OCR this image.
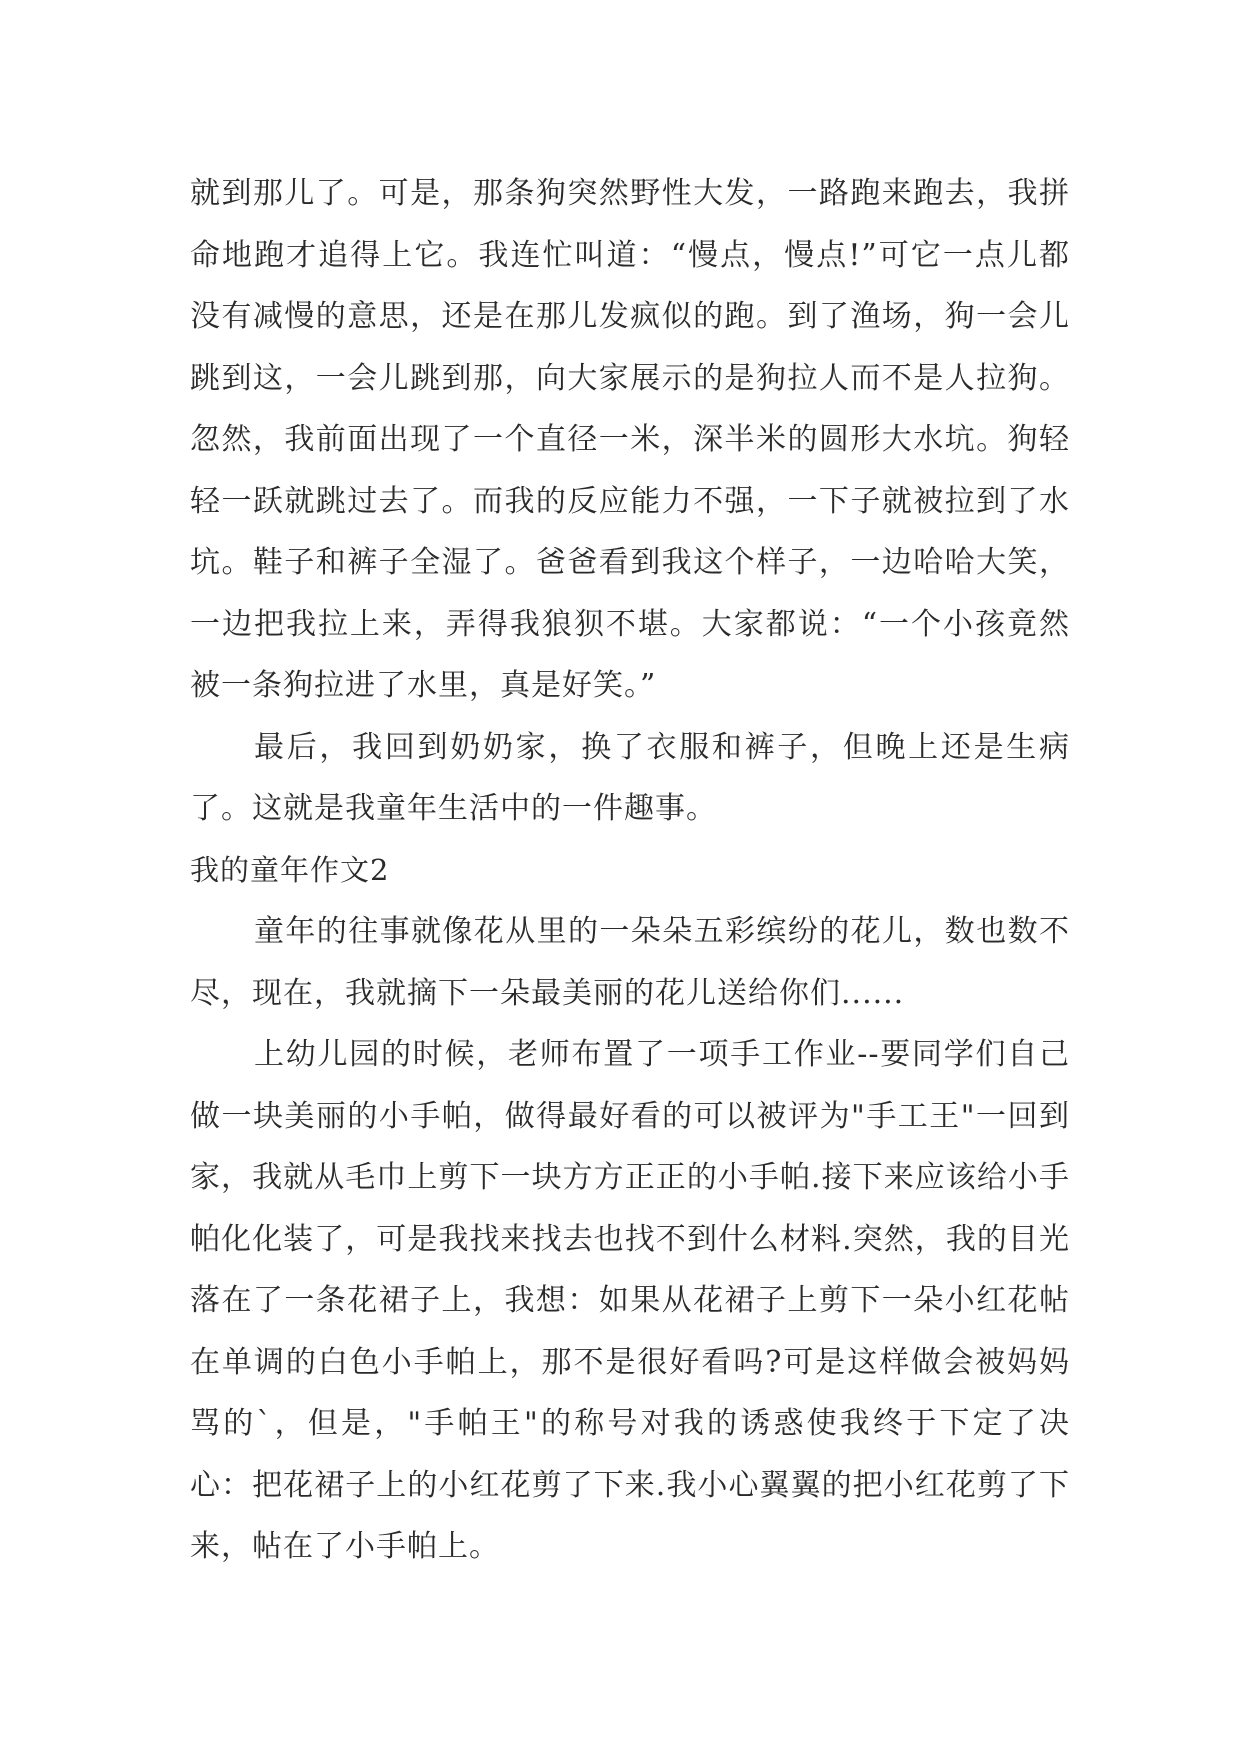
就到那儿了。可是，那条狗突然野性大发，一路跑来跑去，我拼命地跑才追得上它。我连忙叫道：“慢点，慢点!”可它一点儿都没有减慢的意思，还是在那儿发疯似的跑。到了渔场，狗一会儿跳到这，一会儿跳到那，向大家展示的是狗拉人而不是人拉狗。忽然，我前面出现了一个直径一米，深半米的圆形大水坑。狗轻轻一跃就跳过去了。而我的反应能力不强，一下子就被拉到了水坑。鞋子和裤子全湿了。爸爸看到我这个样子，一边哈哈大笑，一边把我拉上来，弄得我狼狈不堪。大家都说：“一个小孩竟然被一条狗拉进了水里，真是好笑。”

最后，我回到奶奶家，换了衣服和裤子，但晚上还是生病了。这就是我童年生活中的一件趣事。

我的童年作文2

童年的往事就像花从里的一朵朵五彩缤纷的花儿，数也数不尽，现在，我就摘下一朵最美丽的花儿送给你们......

上幼儿园的时候，老师布置了一项手工作业--要同学们自己做一块美丽的小手帕，做得最好看的可以被评为"手工王"一回到家，我就从毛巾上剪下一块方方正正的小手帕.接下来应该给小手帕化化装了，可是我找来找去也找不到什么材料.突然，我的目光落在了一条花裙子上，我想：如果从花裙子上剪下一朵小红花帖在单调的白色小手帕上，那不是很好看吗?可是这样做会被妈妈骂的`，但是，"手帕王"的称号对我的诱惑使我终于下定了决心：把花裙子上的小红花剪了下来.我小心翼翼的把小红花剪了下来，帖在了小手帕上。
